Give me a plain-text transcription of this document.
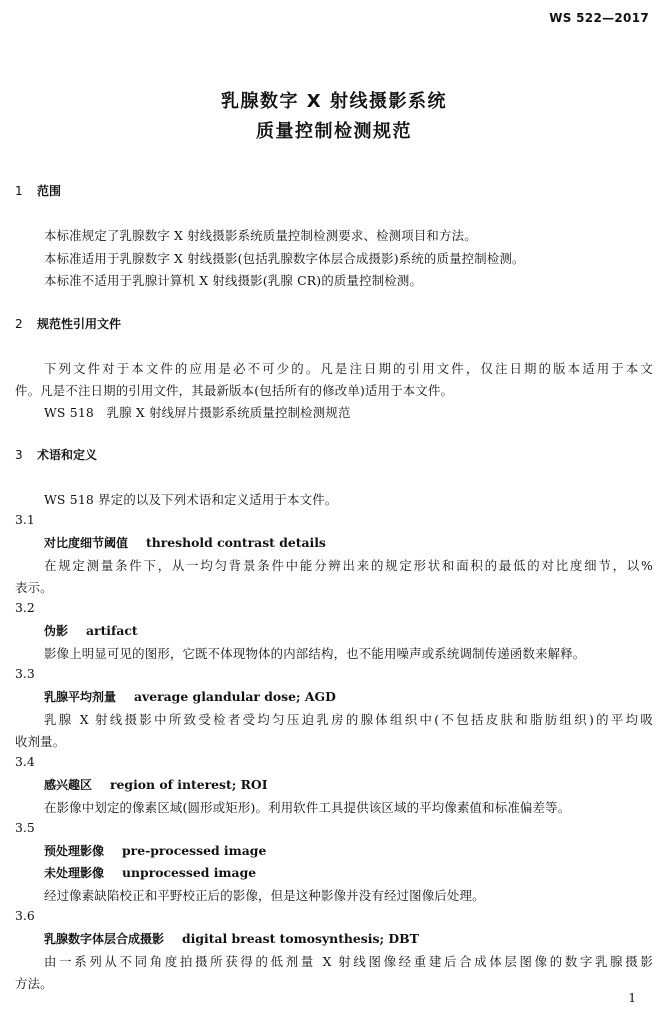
WS 522—2017
乳腺数字 X 射线摄影系统
质量控制检测规范
1 范围
本标准规定了乳腺数字 X 射线摄影系统质量控制检测要求、检测项目和方法。
本标准适用于乳腺数字 X 射线摄影(包括乳腺数字体层合成摄影)系统的质量控制检测。
本标准不适用于乳腺计算机 X 射线摄影(乳腺 CR)的质量控制检测。
2 规范性引用文件
下列文件对于本文件的应用是必不可少的。凡是注日期的引用文件，仅注日期的版本适用于本文
件。凡是不注日期的引用文件，其最新版本(包括所有的修改单)适用于本文件。
WS 518　乳腺 X 射线屏片摄影系统质量控制检测规范
3 术语和定义
WS 518 界定的以及下列术语和定义适用于本文件。
3.1
对比度细节阈值 threshold contrast details
在规定测量条件下，从一均匀背景条件中能分辨出来的规定形状和面积的最低的对比度细节，以%
表示。
3.2
伪影 artifact
影像上明显可见的图形，它既不体现物体的内部结构，也不能用噪声或系统调制传递函数来解释。
3.3
乳腺平均剂量 average glandular dose; AGD
乳腺 X 射线摄影中所致受检者受均匀压迫乳房的腺体组织中(不包括皮肤和脂肪组织)的平均吸
收剂量。
3.4
感兴趣区 region of interest; ROI
在影像中划定的像素区域(圆形或矩形)。利用软件工具提供该区域的平均像素值和标准偏差等。
3.5
预处理影像 pre-processed image
未处理影像 unprocessed image
经过像素缺陷校正和平野校正后的影像，但是这种影像并没有经过图像后处理。
3.6
乳腺数字体层合成摄影 digital breast tomosynthesis; DBT
由一系列从不同角度拍摄所获得的低剂量 X 射线图像经重建后合成体层图像的数字乳腺摄影
方法。
1
